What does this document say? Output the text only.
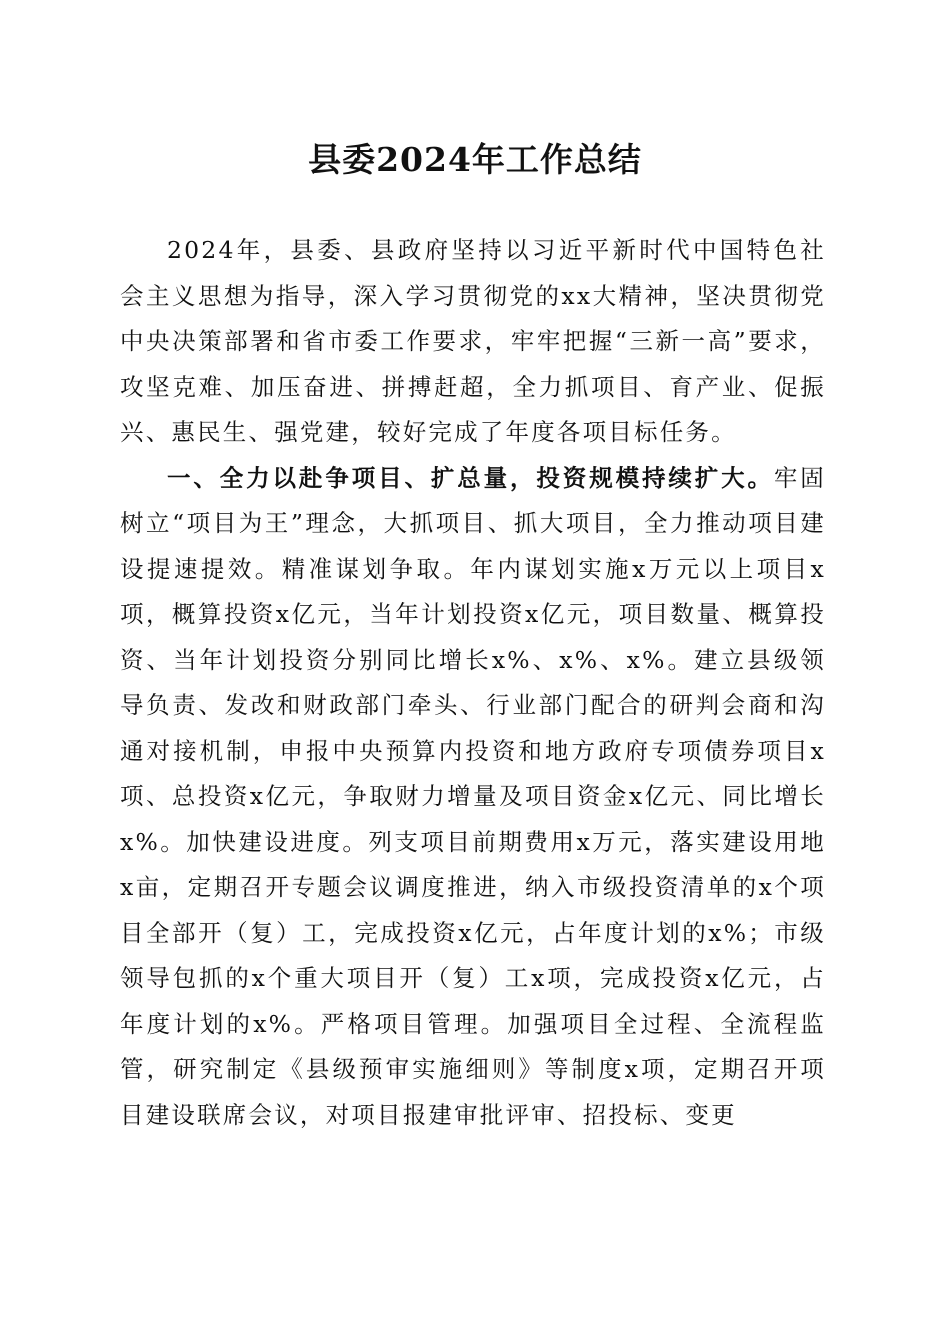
县委2024年工作总结

2024年，县委、县政府坚持以习近平新时代中国特色社会主义思想为指导，深入学习贯彻党的xx大精神，坚决贯彻党中央决策部署和省市委工作要求，牢牢把握“三新一高”要求，攻坚克难、加压奋进、拼搏赶超，全力抓项目、育产业、促振兴、惠民生、强党建，较好完成了年度各项目标任务。

一、全力以赴争项目、扩总量，投资规模持续扩大。牢固树立“项目为王”理念，大抓项目、抓大项目，全力推动项目建设提速提效。精准谋划争取。年内谋划实施x万元以上项目x项，概算投资x亿元，当年计划投资x亿元，项目数量、概算投资、当年计划投资分别同比增长x%、x%、x%。建立县级领导负责、发改和财政部门牵头、行业部门配合的研判会商和沟通对接机制，申报中央预算内投资和地方政府专项债券项目x项、总投资x亿元，争取财力增量及项目资金x亿元、同比增长x%。加快建设进度。列支项目前期费用x万元，落实建设用地x亩，定期召开专题会议调度推进，纳入市级投资清单的x个项目全部开（复）工，完成投资x亿元，占年度计划的x%；市级领导包抓的x个重大项目开（复）工x项，完成投资x亿元，占年度计划的x%。严格项目管理。加强项目全过程、全流程监管，研究制定《县级预审实施细则》等制度x项，定期召开项目建设联席会议，对项目报建审批评审、招投标、变更
